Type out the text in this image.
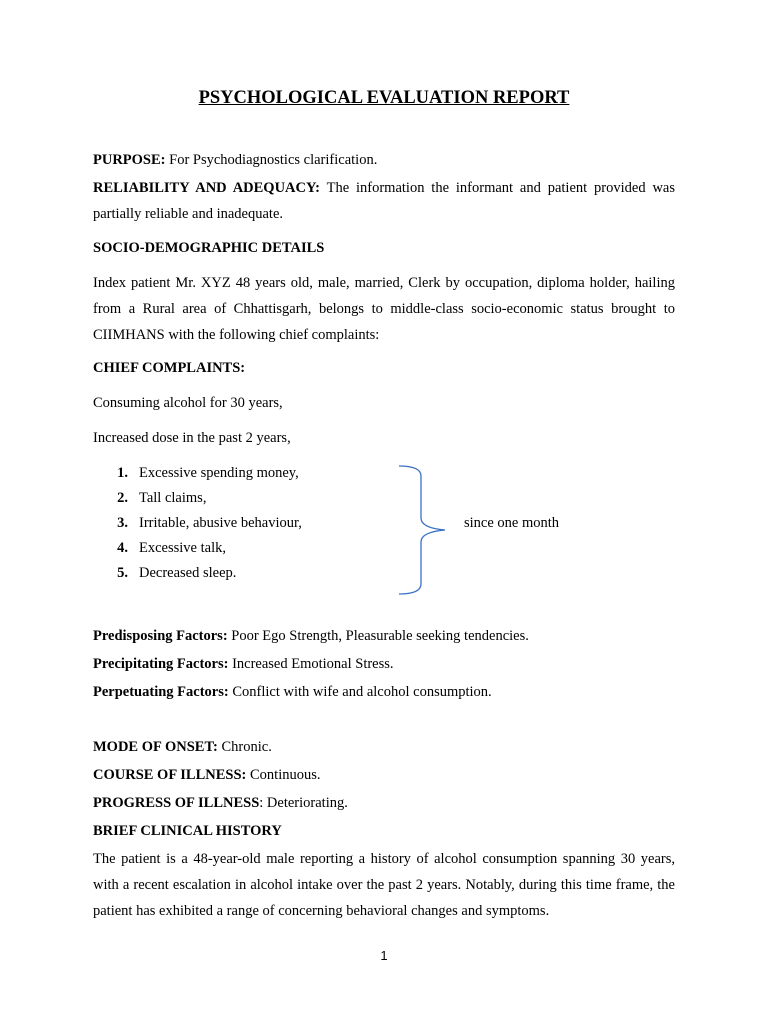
PSYCHOLOGICAL EVALUATION REPORT
PURPOSE: For Psychodiagnostics clarification.
RELIABILITY AND ADEQUACY: The information the informant and patient provided was partially reliable and inadequate.
SOCIO-DEMOGRAPHIC DETAILS
Index patient Mr. XYZ 48 years old, male, married, Clerk by occupation, diploma holder, hailing from a Rural area of Chhattisgarh, belongs to middle-class socio-economic status brought to CIIMHANS with the following chief complaints:
CHIEF COMPLAINTS:
Consuming alcohol for 30 years,
Increased dose in the past 2 years,
1. Excessive spending money,
2. Tall claims,
3. Irritable, abusive behaviour,
4. Excessive talk,
5. Decreased sleep.
since one month
Predisposing Factors: Poor Ego Strength, Pleasurable seeking tendencies.
Precipitating Factors: Increased Emotional Stress.
Perpetuating Factors: Conflict with wife and alcohol consumption.
MODE OF ONSET: Chronic.
COURSE OF ILLNESS: Continuous.
PROGRESS OF ILLNESS: Deteriorating.
BRIEF CLINICAL HISTORY
The patient is a 48-year-old male reporting a history of alcohol consumption spanning 30 years, with a recent escalation in alcohol intake over the past 2 years. Notably, during this time frame, the patient has exhibited a range of concerning behavioral changes and symptoms.
1
